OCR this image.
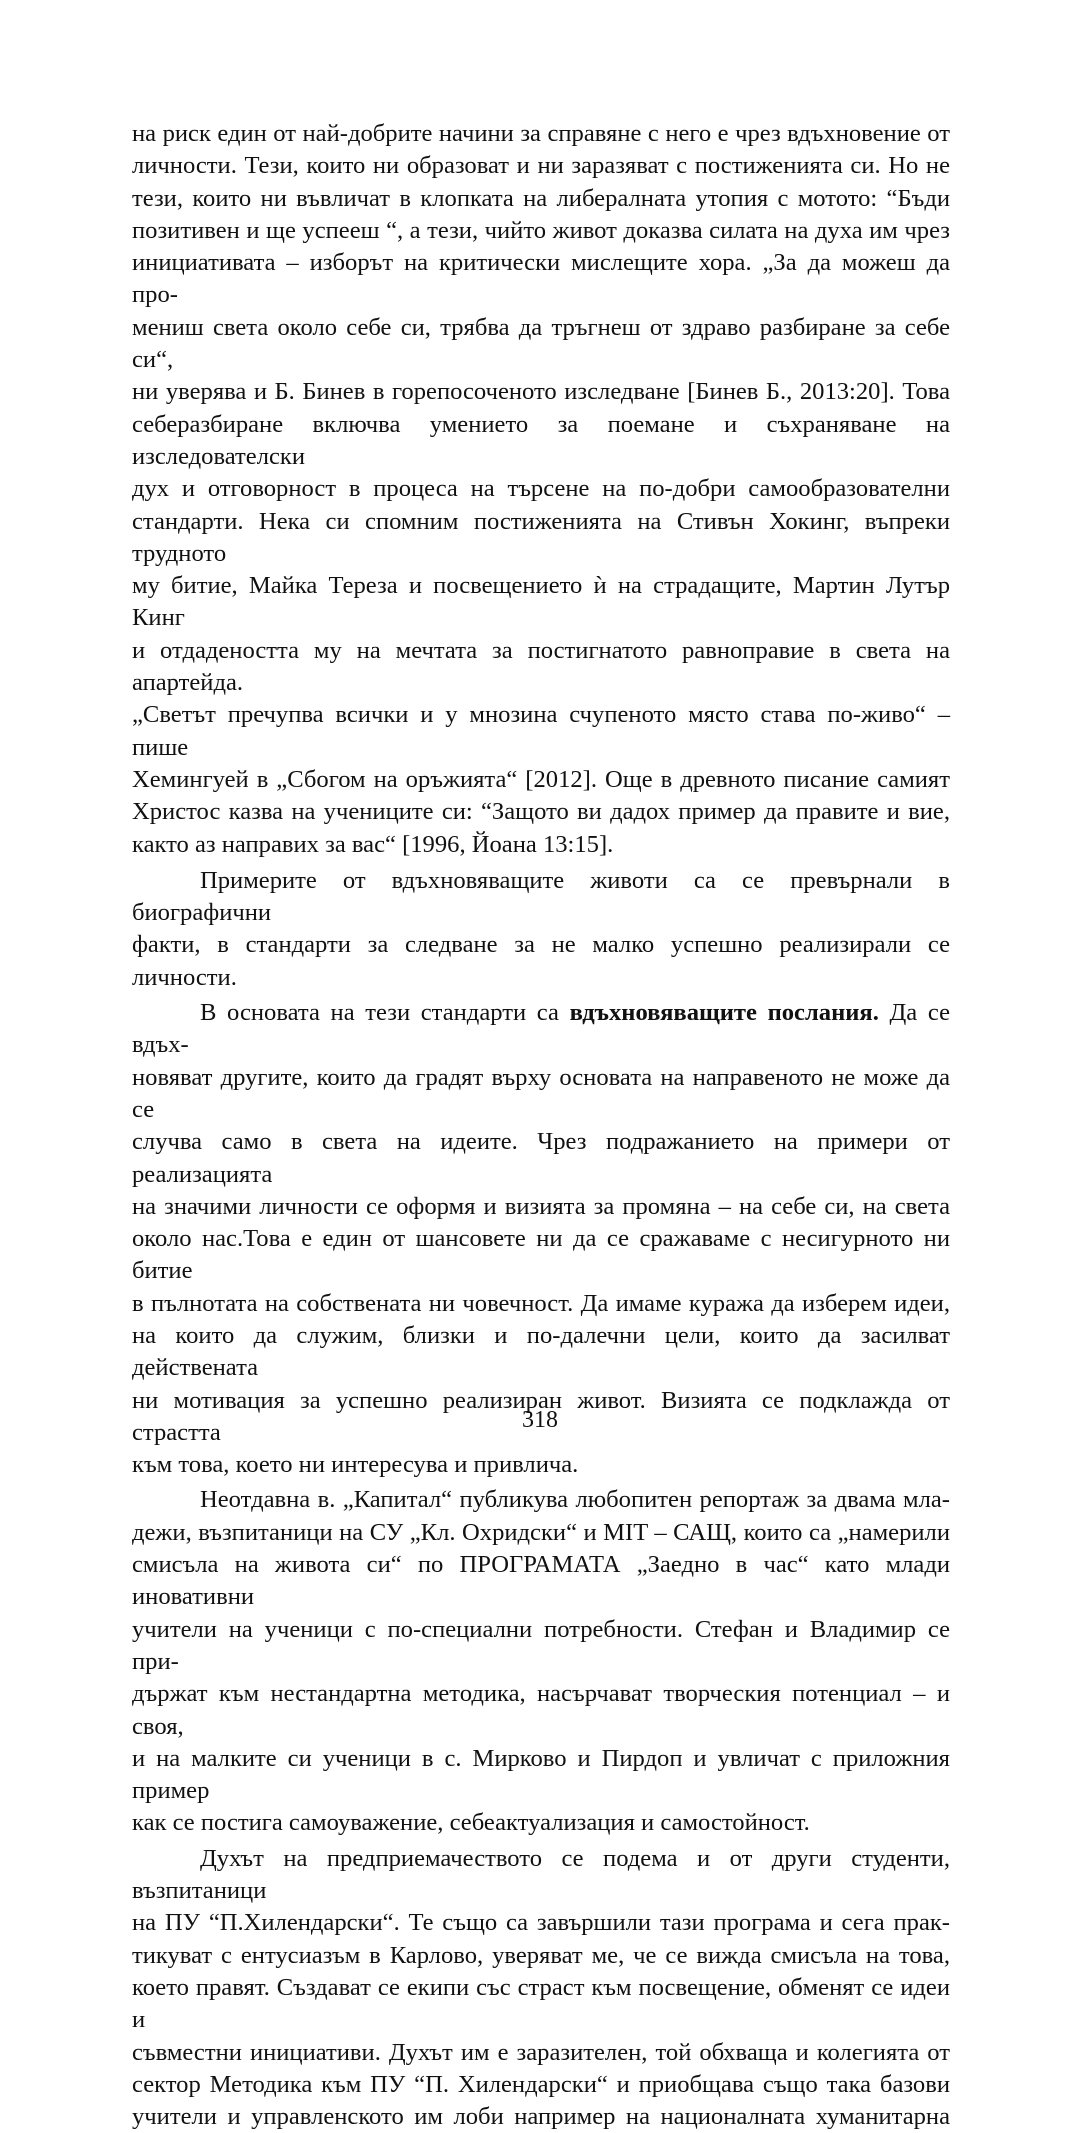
на риск един от най-добрите начини за справяне с него е чрез вдъхновение от
личности. Тези, които ни образоват и ни заразяват с постиженията си. Но не
тези, които ни въвличат в клопката на либералната утопия с мотото: “Бъди
позитивен и ще успееш “, а тези, чийто живот доказва силата на духа им чрез
инициативата – изборът на критически мислещите хора. „За да можеш да про-
мениш света около себе си, трябва да тръгнеш от здраво разбиране за себе си“,
ни уверява и Б. Бинев в горепосоченото изследване [Бинев Б., 2013:20]. Това
себеразбиране включва умението за поемане и съхраняване на изследователски
дух и отговорност в процеса на търсене на по-добри самообразователни
стандарти. Нека си спомним постиженията на Стивън Хокинг, въпреки трудното
му битие, Майка Тереза и посвещението ѝ на страдащите, Мартин Лутър Кинг
и отдадеността му на мечтата за постигнатото равноправие в света на апартейда.
„Светът пречупва всички и у мнозина счупеното място става по-живо“ – пише
Хемингуей в „Сбогом на оръжията“ [2012]. Още в древното писание самият
Христос казва на учениците си: “Защото ви дадох пример да правите и вие,
както аз направих за вас“ [1996, Йоана 13:15].

Примерите от вдъхновяващите животи са се превърнали в биографични
факти, в стандарти за следване за не малко успешно реализирали се личности.

В основата на тези стандарти са вдъхновяващите послания. Да се вдъх-
новяват другите, които да градят върху основата на направеното не може да се
случва само в света на идеите. Чрез подражанието на примери от реализацията
на значими личности се оформя и визията за промяна – на себе си, на света
около нас.Това е един от шансовете ни да се сражаваме с несигурното ни битие
в пълнотата на собствената ни човечност. Да имаме куража да изберем идеи,
на които да служим, близки и по-далечни цели, които да засилват действената
ни мотивация за успешно реализиран живот. Визията се подклажда от страстта
към това, което ни интересува и привлича.

Неотдавна в. „Капитал“ публикува любопитен репортаж за двама мла-
дежи, възпитаници на СУ „Кл. Охридски“ и MIT – САЩ, които са „намерили
смисъла на живота си“ по ПРОГРАМАТА „Заедно в час“ като млади иновативни
учители на ученици с по-специални потребности. Стефан и Владимир се при-
държат към нестандартна методика, насърчават творческия потенциал – и своя,
и на малките си ученици в с. Мирково и Пирдоп и увличат с приложния пример
как се постига самоуважение, себеактуализация и самостойност.

Духът на предприемачеството се подема и от други студенти, възпитаници
на ПУ “П.Хилендарски“. Те също са завършили тази програма и сега прак-
тикуват с ентусиазъм в Карлово, уверяват ме, че се вижда смисъла на това,
което правят. Създават се екипи със страст към посвещение, обменят се идеи и
съвместни инициативи. Духът им е заразителен, той обхваща и колегията от
сектор Методика към ПУ “П. Хилендарски“ и приобщава също така базови
учители и управленското им лоби например на националната хуманитарна

318
